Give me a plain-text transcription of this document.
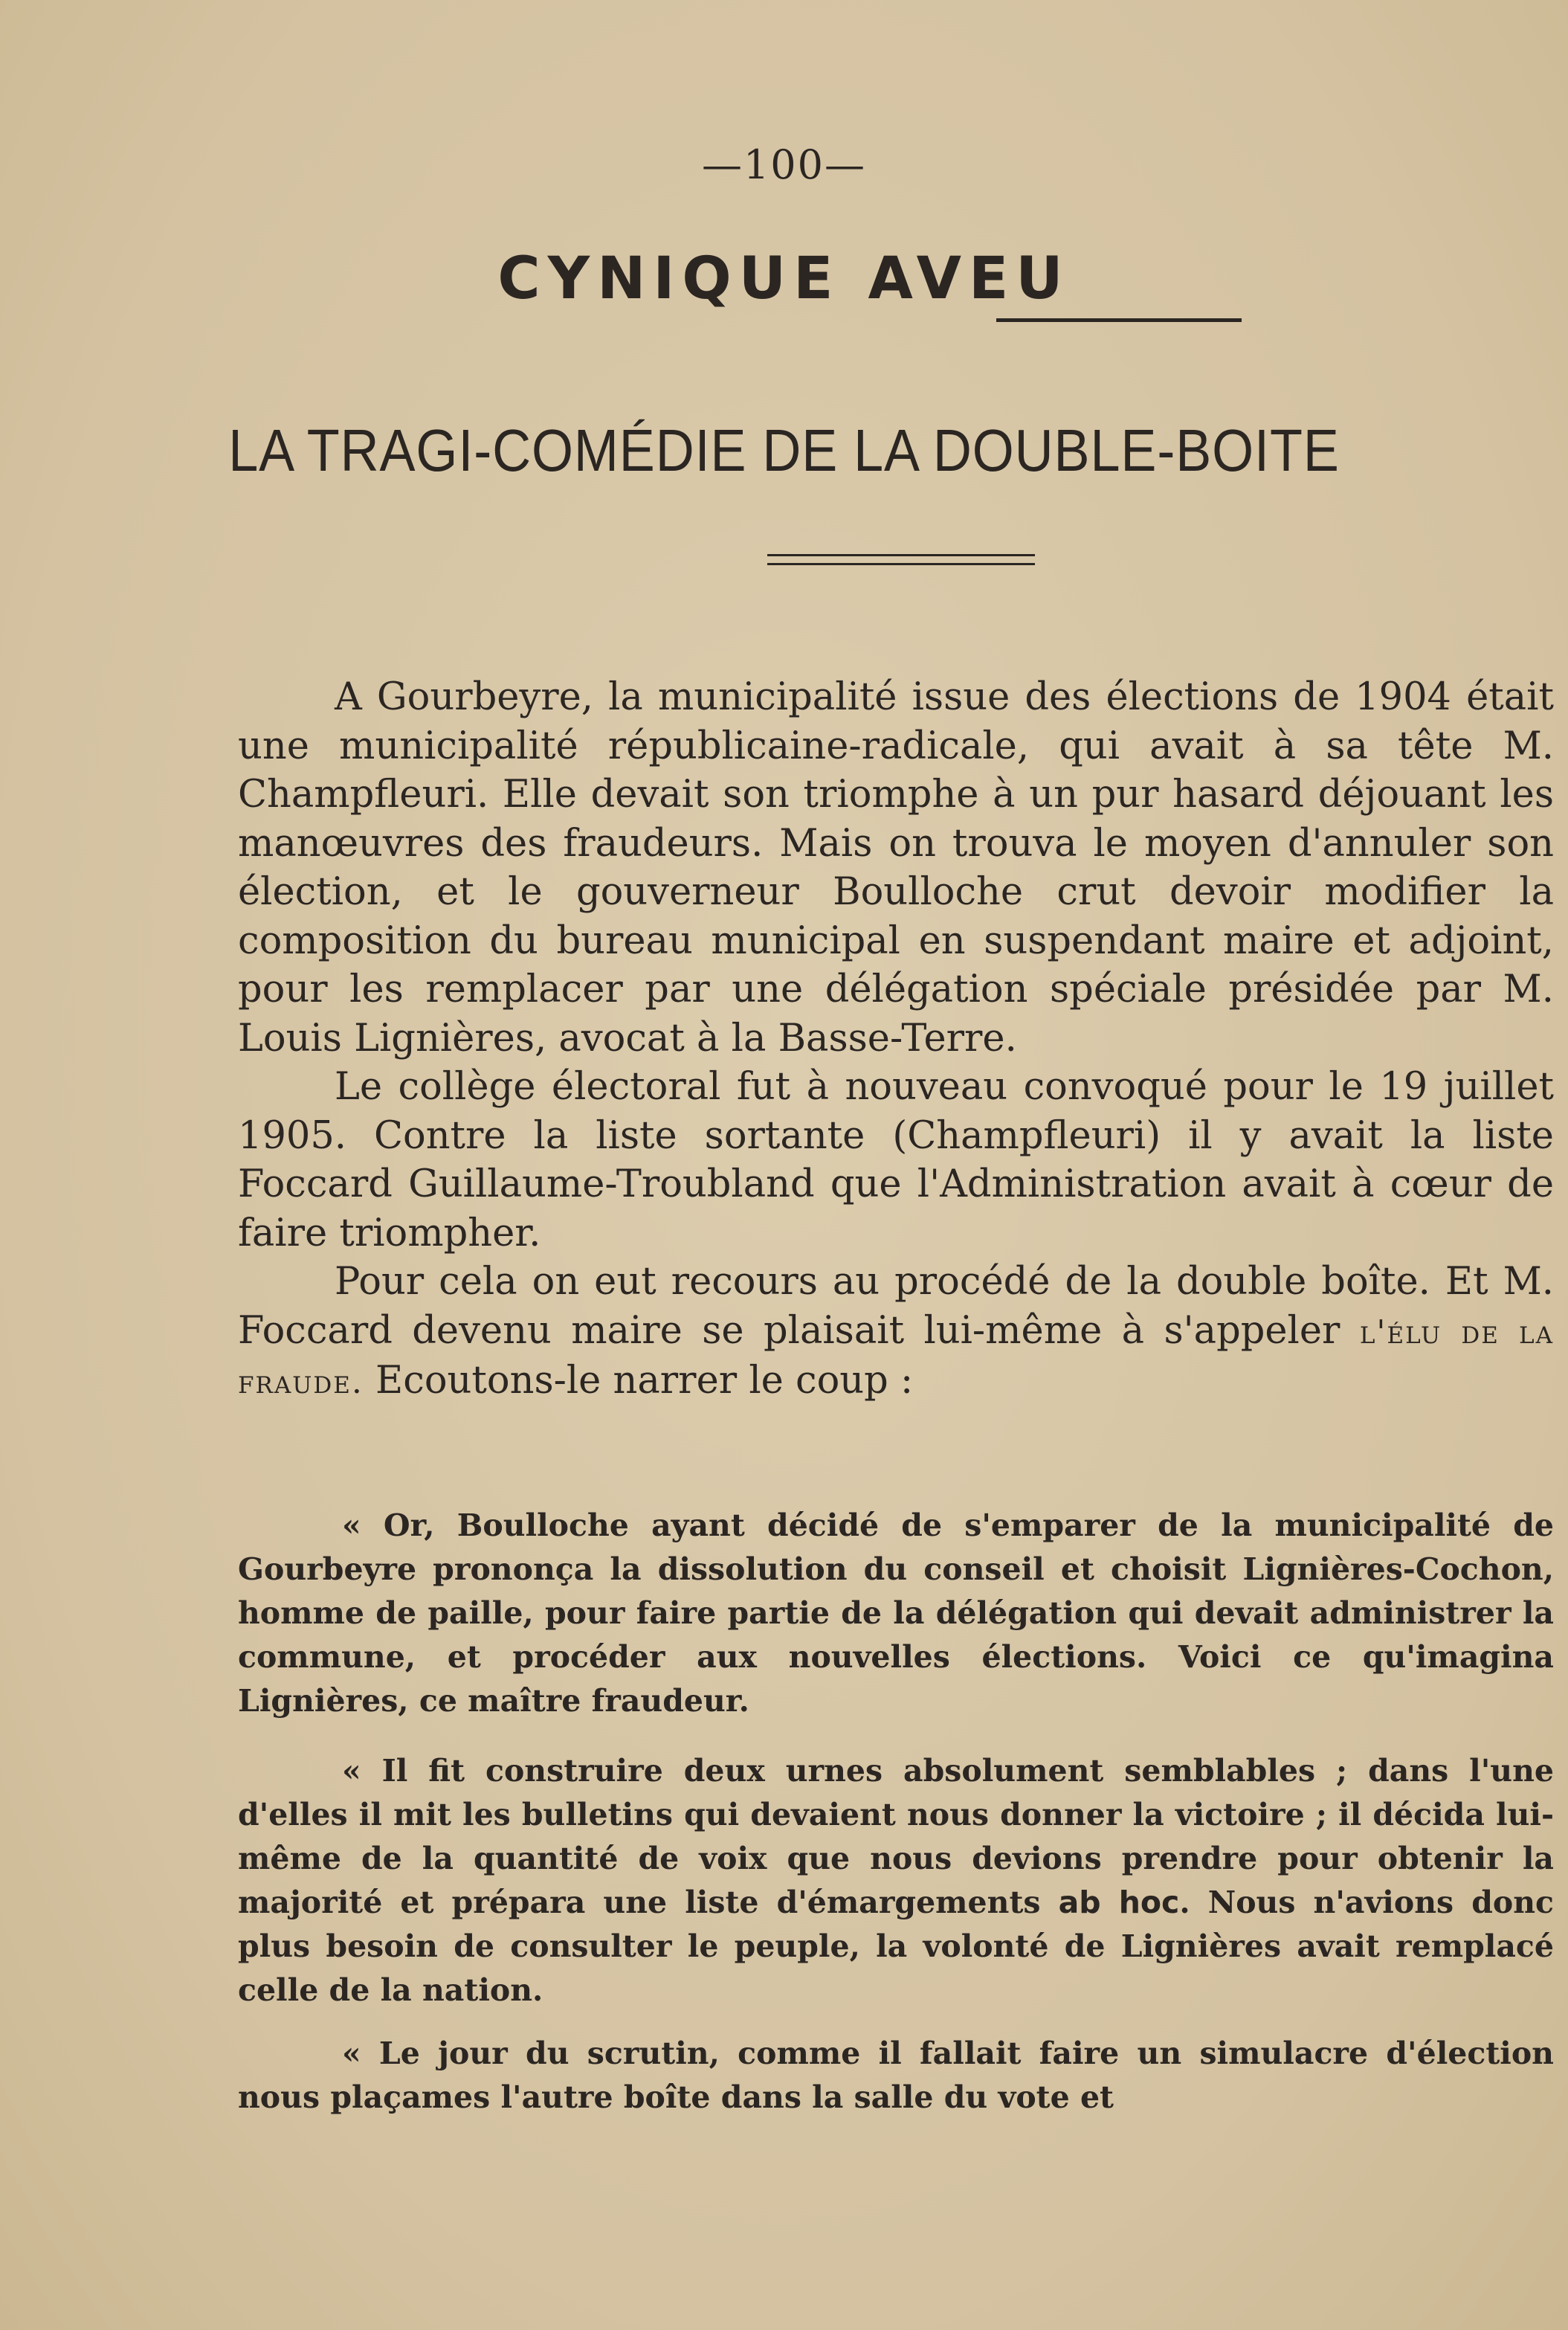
—100—
CYNIQUE AVEU
LA TRAGI-COMÉDIE DE LA DOUBLE-BOITE

A Gourbeyre, la municipalité issue des élections de 1904 était une municipalité républicaine-radicale, qui avait à sa tête M. Champfleuri. Elle devait son triomphe à un pur hasard déjouant les manœuvres des fraudeurs. Mais on trouva le moyen d'annuler son élection, et le gouverneur Boulloche crut devoir modifier la composition du bureau municipal en suspendant maire et adjoint, pour les remplacer par une délégation spéciale présidée par M. Louis Lignières, avocat à la Basse-Terre.

Le collège électoral fut à nouveau convoqué pour le 19 juillet 1905. Contre la liste sortante (Champfleuri) il y avait la liste Foccard Guillaume-Troubland que l'Administration avait à cœur de faire triompher.

Pour cela on eut recours au procédé de la double boîte. Et M. Foccard devenu maire se plaisait lui-même à s'appeler l'élu de la fraude. Ecoutons-le narrer le coup :

« Or, Boulloche ayant décidé de s'emparer de la municipalité de Gourbeyre prononça la dissolution du conseil et choisit Lignières-Cochon, homme de paille, pour faire partie de la délégation qui devait administrer la commune, et procéder aux nouvelles élections. Voici ce qu'imagina Lignières, ce maître fraudeur.

« Il fit construire deux urnes absolument semblables ; dans l'une d'elles il mit les bulletins qui devaient nous donner la victoire ; il décida lui-même de la quantité de voix que nous devions prendre pour obtenir la majorité et prépara une liste d'émargements ab hoc. Nous n'avions donc plus besoin de consulter le peuple, la volonté de Lignières avait remplacé celle de la nation.

« Le jour du scrutin, comme il fallait faire un simulacre d'élection nous plaçames l'autre boîte dans la salle du vote et
